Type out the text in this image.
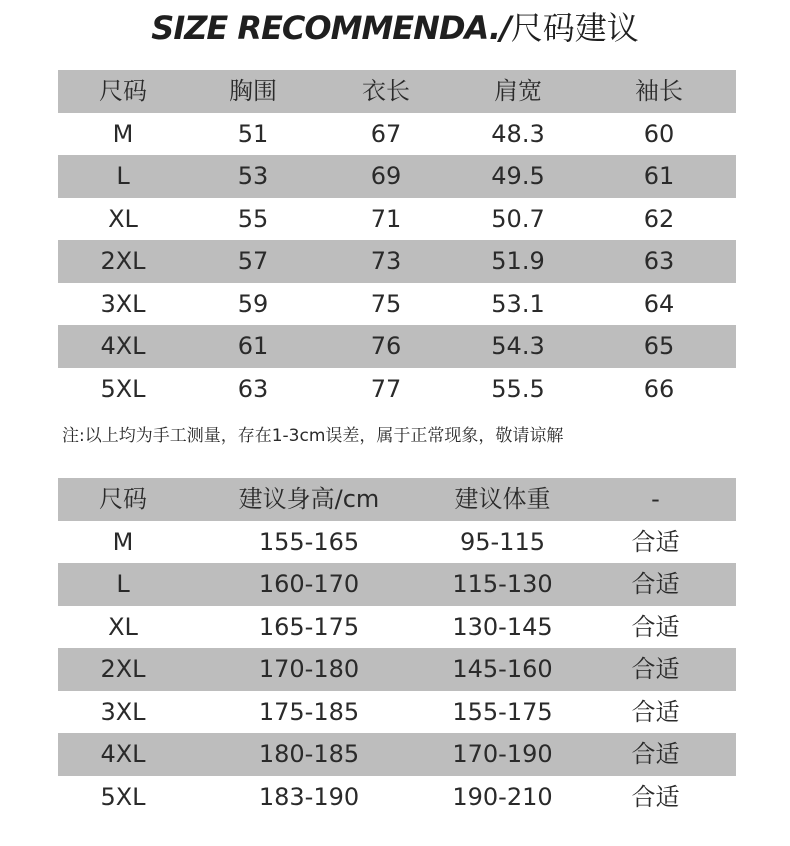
SIZE RECOMMENDA./尺码建议
尺码	胸围	衣长	肩宽	袖长
M	51	67	48.3	60
L	53	69	49.5	61
XL	55	71	50.7	62
2XL	57	73	51.9	63
3XL	59	75	53.1	64
4XL	61	76	54.3	65
5XL	63	77	55.5	66
注:以上均为手工测量，存在1-3cm误差，属于正常现象，敬请谅解
尺码	建议身高/cm	建议体重	-
M	155-165	95-115	合适
L	160-170	115-130	合适
XL	165-175	130-145	合适
2XL	170-180	145-160	合适
3XL	175-185	155-175	合适
4XL	180-185	170-190	合适
5XL	183-190	190-210	合适
